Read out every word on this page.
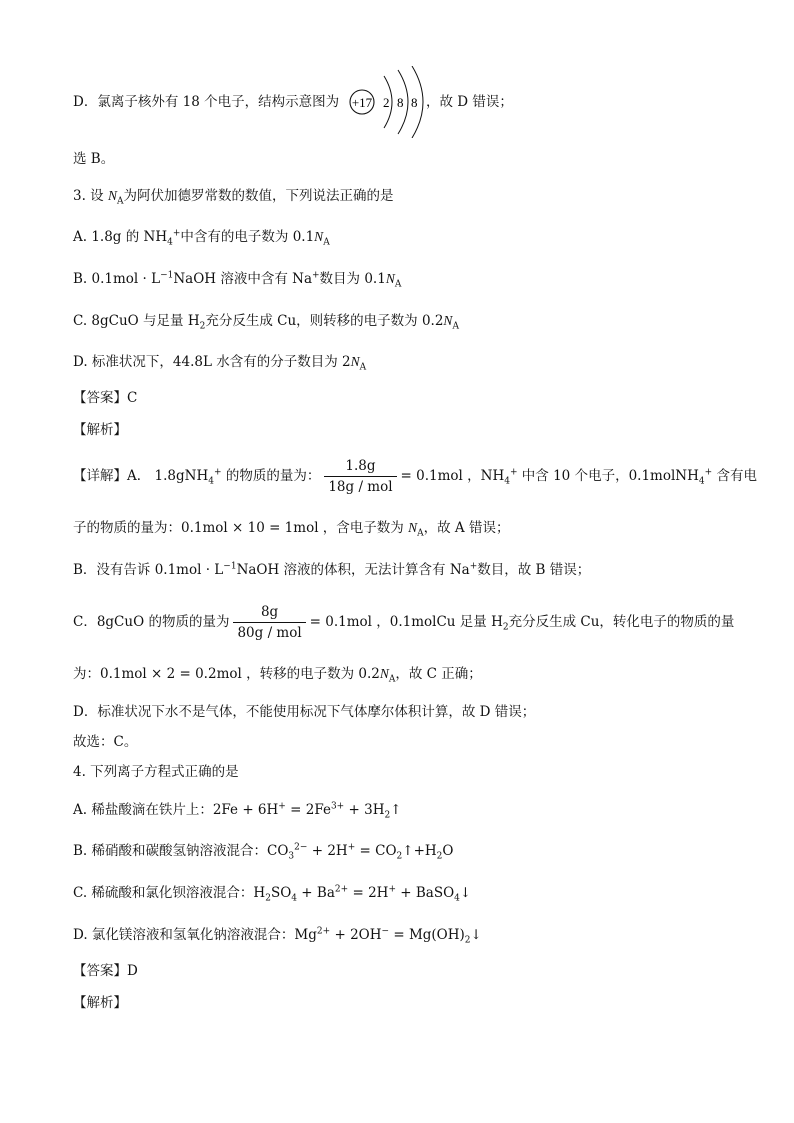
D．氯离子核外有 18 个电子，结构示意图为 +17 2 8 8 ，故 D 错误；
选 B。
3. 设 $N_A$为阿伏加德罗常数的数值，下列说法正确的是
A. 1.8g 的 $NH_4^+$中含有的电子数为 $0.1N_A$
B. $0.1mol \cdot L^{-1}NaOH$ 溶液中含有 Na+数目为 $0.1N_A$
C. 8gCuO 与足量 $H_2$充分反生成 Cu，则转移的电子数为 $0.2N_A$
D. 标准状况下，44.8L 水含有的分子数目为 $2N_A$
【答案】C
【解析】
【详解】A． 1.8gNH$_4$+ 的物质的量为： $\frac{1.8g}{\text{18g / mol}} = 0.1mol$ ，$NH_4^+$ 中含 10 个电子，0.1molNH$_4$+ 含有电
子的物质的量为：0.1mol × 10 = 1mol ，含电子数为 $N_A$，故 A 错误；
B．没有告诉 $0.1mol \cdot L^{-1}NaOH$ 溶液的体积，无法计算含有 Na+数目，故 B 错误；
C．8gCuO 的物质的量为 $\frac{8g}{\text{80g / mol}} = 0.1mol$ ，0.1molCu 足量 $H_2$充分反生成 Cu，转化电子的物质的量
为：0.1mol × 2 = 0.2mol ，转移的电子数为 $0.2N_A$，故 C 正确；
D．标准状况下水不是气体，不能使用标况下气体摩尔体积计算，故 D 错误；
故选：C。
4. 下列离子方程式正确的是
A. 稀盐酸滴在铁片上：$2Fe + 6H^+ = 2Fe^{3+}$ + $3H_2↑$
B. 稀硝酸和碳酸氢钠溶液混合：$CO_3^{2-} + 2H^+$ = $CO_2↑+H_2O$
C. 稀硫酸和氯化钡溶液混合：$H_2SO_4 + Ba^{2+} = 2H^+$ + BaSO$_4$↓
D. 氯化镁溶液和氢氧化钠溶液混合：$Mg^{2+} + 2OH^-$ = $Mg(OH)_2↓$
【答案】D
【解析】
